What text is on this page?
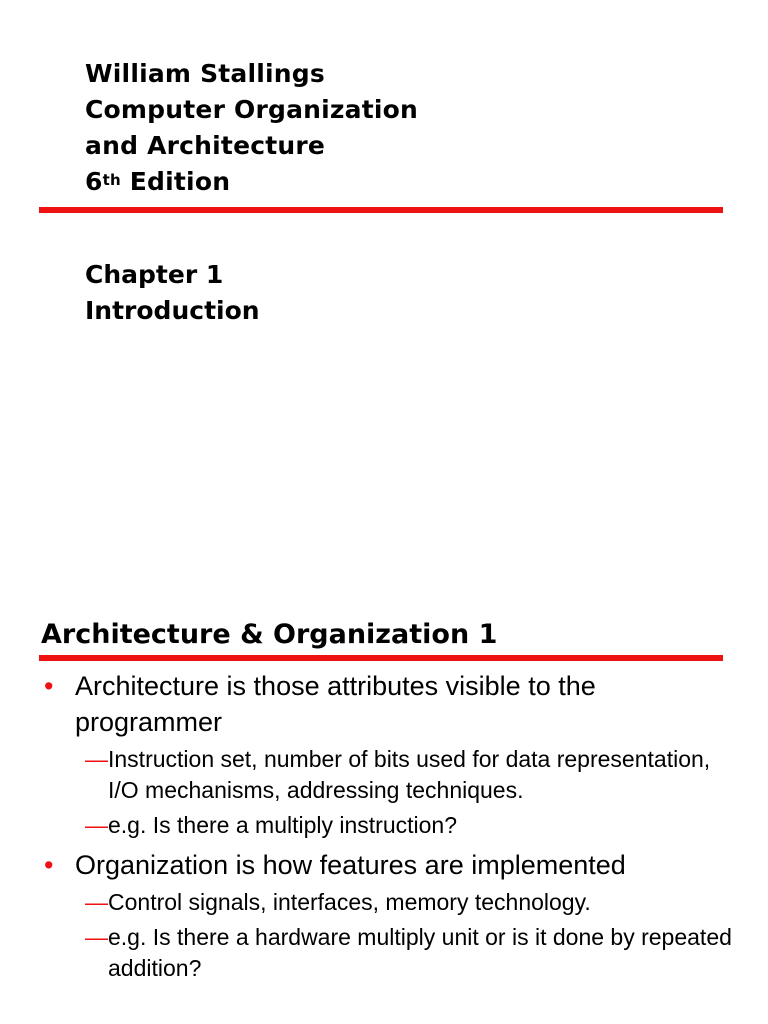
William Stallings
Computer Organization
and Architecture
6th Edition
Chapter 1
Introduction
Architecture & Organization 1
• Architecture is those attributes visible to the programmer
— Instruction set, number of bits used for data representation, I/O mechanisms, addressing techniques.
— e.g. Is there a multiply instruction?
• Organization is how features are implemented
— Control signals, interfaces, memory technology.
— e.g. Is there a hardware multiply unit or is it done by repeated addition?
